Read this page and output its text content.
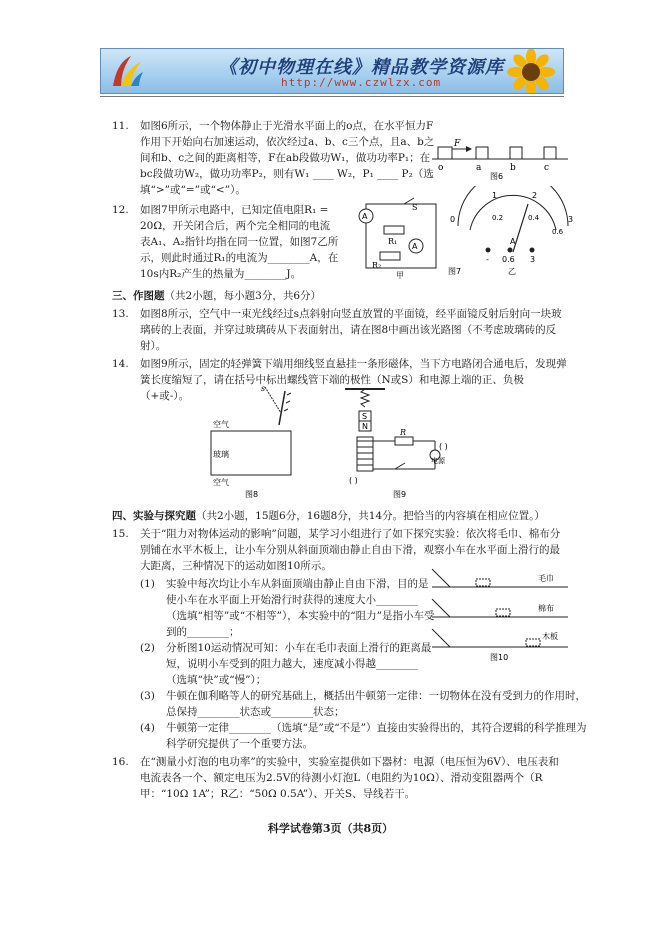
《初中物理在线》精品教学资源库
http://www.czwlzx.com
11. 如图6所示，一个物体静止于光滑水平面上的o点，在水平恒力F作用下开始向右加速运动，依次经过a、b、c三个点，且a、b之间和b、c之间的距离相等，F在ab段做功W₁，做功功率P₁；在bc段做功W₂，做功功率P₂，则有W₁ ____ W₂，P₁ ____ P₂（选填“>”或“=”或“<”）。
12. 如图7甲所示电路中，已知定值电阻R₁ = 20Ω，开关闭合后，两个完全相同的电流表A₁、A₂指针均指在同一位置，如图7乙所示，则此时通过R₁的电流为________A，在10s内R₂产生的热量为________J。
三、作图题（共2小题，每小题3分，共6分）
13. 如图8所示，空气中一束光线经过s点斜射向竖直放置的平面镜，经平面镜反射后射向一块玻璃砖的上表面，并穿过玻璃砖从下表面射出，请在图8中画出该光路图（不考虑玻璃砖的反射）。
14. 如图9所示，固定的轻弹簧下端用细线竖直悬挂一条形磁体，当下方电路闭合通电后，发现弹簧长度缩短了，请在括号中标出螺线管下端的极性（N或S）和电源上端的正、负极（+或-）。
四、实验与探究题（共2小题，15题6分，16题8分，共14分。把恰当的内容填在相应位置。）
15. 关于“阻力对物体运动的影响”问题，某学习小组进行了如下探究实验：依次将毛巾、棉布分别铺在水平木板上，让小车分别从斜面顶端由静止自由下滑，观察小车在水平面上滑行的最大距离，三种情况下的运动如图10所示。
(1) 实验中每次均让小车从斜面顶端由静止自由下滑，目的是使小车在水平面上开始滑行时获得的速度大小________（选填“相等”或“不相等”），本实验中的“阻力”是指小车受到的________；
(2) 分析图10运动情况可知：小车在毛巾表面上滑行的距离最短，说明小车受到的阻力越大，速度减小得越________（选填“快”或“慢”）；
(3) 牛顿在伽利略等人的研究基础上，概括出牛顿第一定律：一切物体在没有受到力的作用时，总保持________状态或________状态；
(4) 牛顿第一定律________（选填“是”或“不是”）直接由实验得出的，其符合逻辑的科学推理为科学研究提供了一个重要方法。
16. 在“测量小灯泡的电功率”的实验中，实验室提供如下器材：电源（电压恒为6V）、电压表和电流表各一个、额定电压为2.5V的待测小灯泡L（电阻约为10Ω）、滑动变阻器两个（R甲：“10Ω 1A”；R乙：“50Ω 0.5A”）、开关S、导线若干。
F
o	a	b	c
图6
A
R₁
A
R₂
S
甲
0
1	2
3
0.2	0.4
0.6
A
- 0.6 3
乙
图7
s
空气
玻璃
空气
图8
S
N
R
电源
( )
( )
图9
毛巾
棉布
木板
图10
科学试卷第3页（共8页）
